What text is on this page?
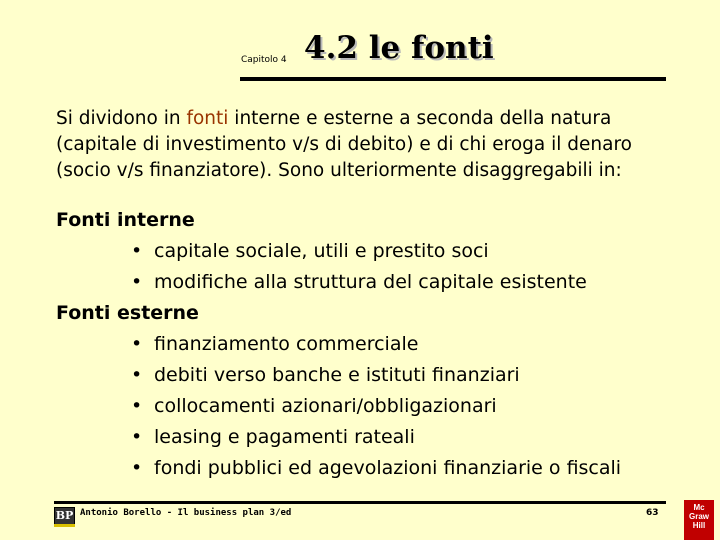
Capitolo 4 4.2 le fonti

Si dividono in fonti interne e esterne a seconda della natura (capitale di investimento v/s di debito) e di chi eroga il denaro (socio v/s finanziatore). Sono ulteriormente disaggregabili in:

Fonti interne
• capitale sociale, utili e prestito soci
• modifiche alla struttura del capitale esistente
Fonti esterne
• finanziamento commerciale
• debiti verso banche e istituti finanziari
• collocamenti azionari/obbligazionari
• leasing e pagamenti rateali
• fondi pubblici ed agevolazioni finanziarie o fiscali
BP Antonio Borello - Il business plan 3/ed	63
Mc
Graw
Hill
